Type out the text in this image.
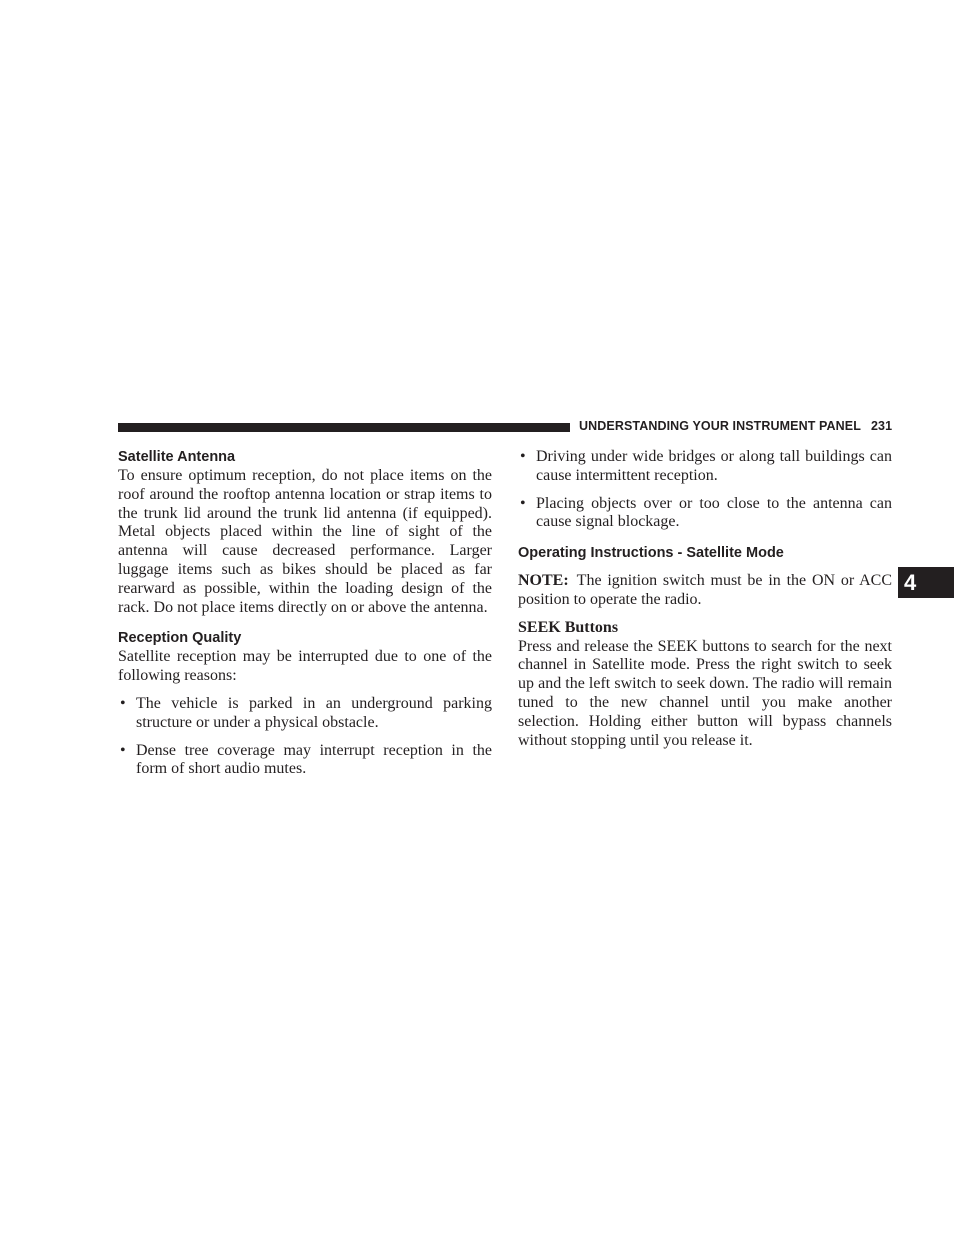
UNDERSTANDING YOUR INSTRUMENT PANEL 231
Satellite Antenna

To ensure optimum reception, do not place items on the roof around the rooftop antenna location or strap items to the trunk lid around the trunk lid antenna (if equipped). Metal objects placed within the line of sight of the antenna will cause decreased performance. Larger luggage items such as bikes should be placed as far rearward as possible, within the loading design of the rack. Do not place items directly on or above the antenna.

Reception Quality

Satellite reception may be interrupted due to one of the following reasons:

• The vehicle is parked in an underground parking structure or under a physical obstacle.
• Dense tree coverage may interrupt reception in the form of short audio mutes.
• Driving under wide bridges or along tall buildings can cause intermittent reception.
• Placing objects over or too close to the antenna can cause signal blockage.
Operating Instructions - Satellite Mode

NOTE: The ignition switch must be in the ON or ACC position to operate the radio.

SEEK Buttons

Press and release the SEEK buttons to search for the next channel in Satellite mode. Press the right switch to seek up and the left switch to seek down. The radio will remain tuned to the new channel until you make another selection. Holding either button will bypass channels without stopping until you release it.

4
